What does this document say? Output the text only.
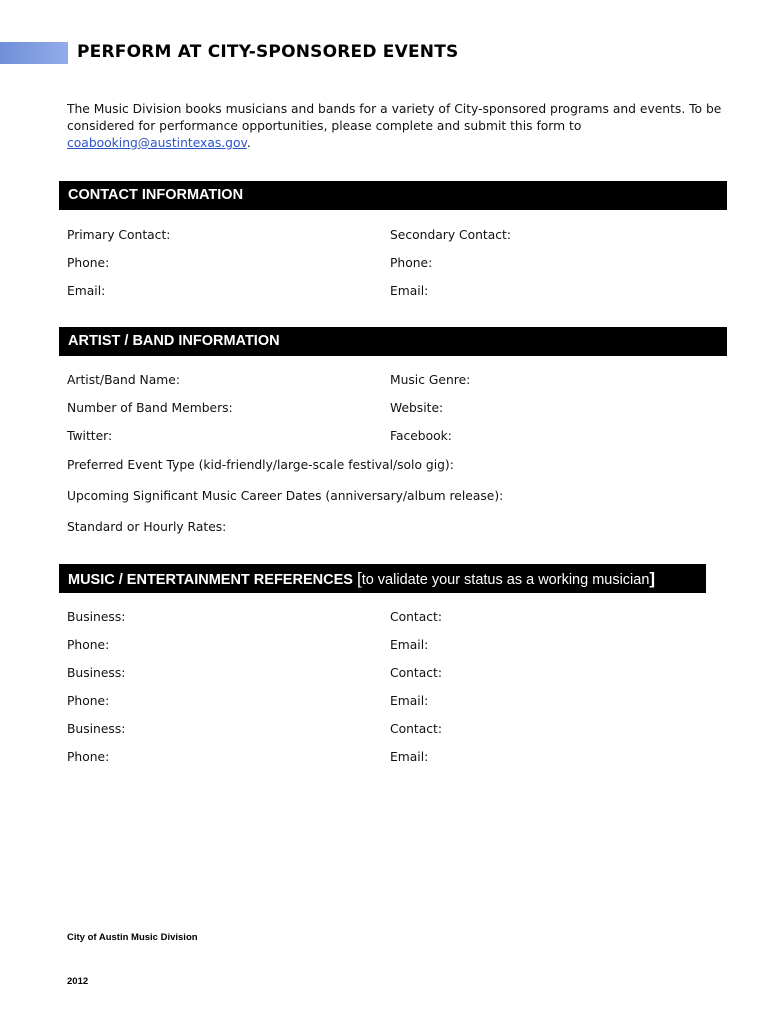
PERFORM AT CITY-SPONSORED EVENTS
The Music Division books musicians and bands for a variety of City-sponsored programs and events. To be considered for performance opportunities, please complete and submit this form to coabooking@austintexas.gov.
CONTACT INFORMATION
Primary Contact:	Secondary Contact:
Phone:	Phone:
Email:	Email:
ARTIST / BAND INFORMATION
Artist/Band Name:	Music Genre:
Number of Band Members:	Website:
Twitter:	Facebook:
Preferred Event Type (kid-friendly/large-scale festival/solo gig):
Upcoming Significant Music Career Dates (anniversary/album release):
Standard or Hourly Rates:
MUSIC / ENTERTAINMENT REFERENCES [to validate your status as a working musician]
Business:	Contact:
Phone:	Email:
Business:	Contact:
Phone:	Email:
Business:	Contact:
Phone:	Email:
City of Austin Music Division
2012
